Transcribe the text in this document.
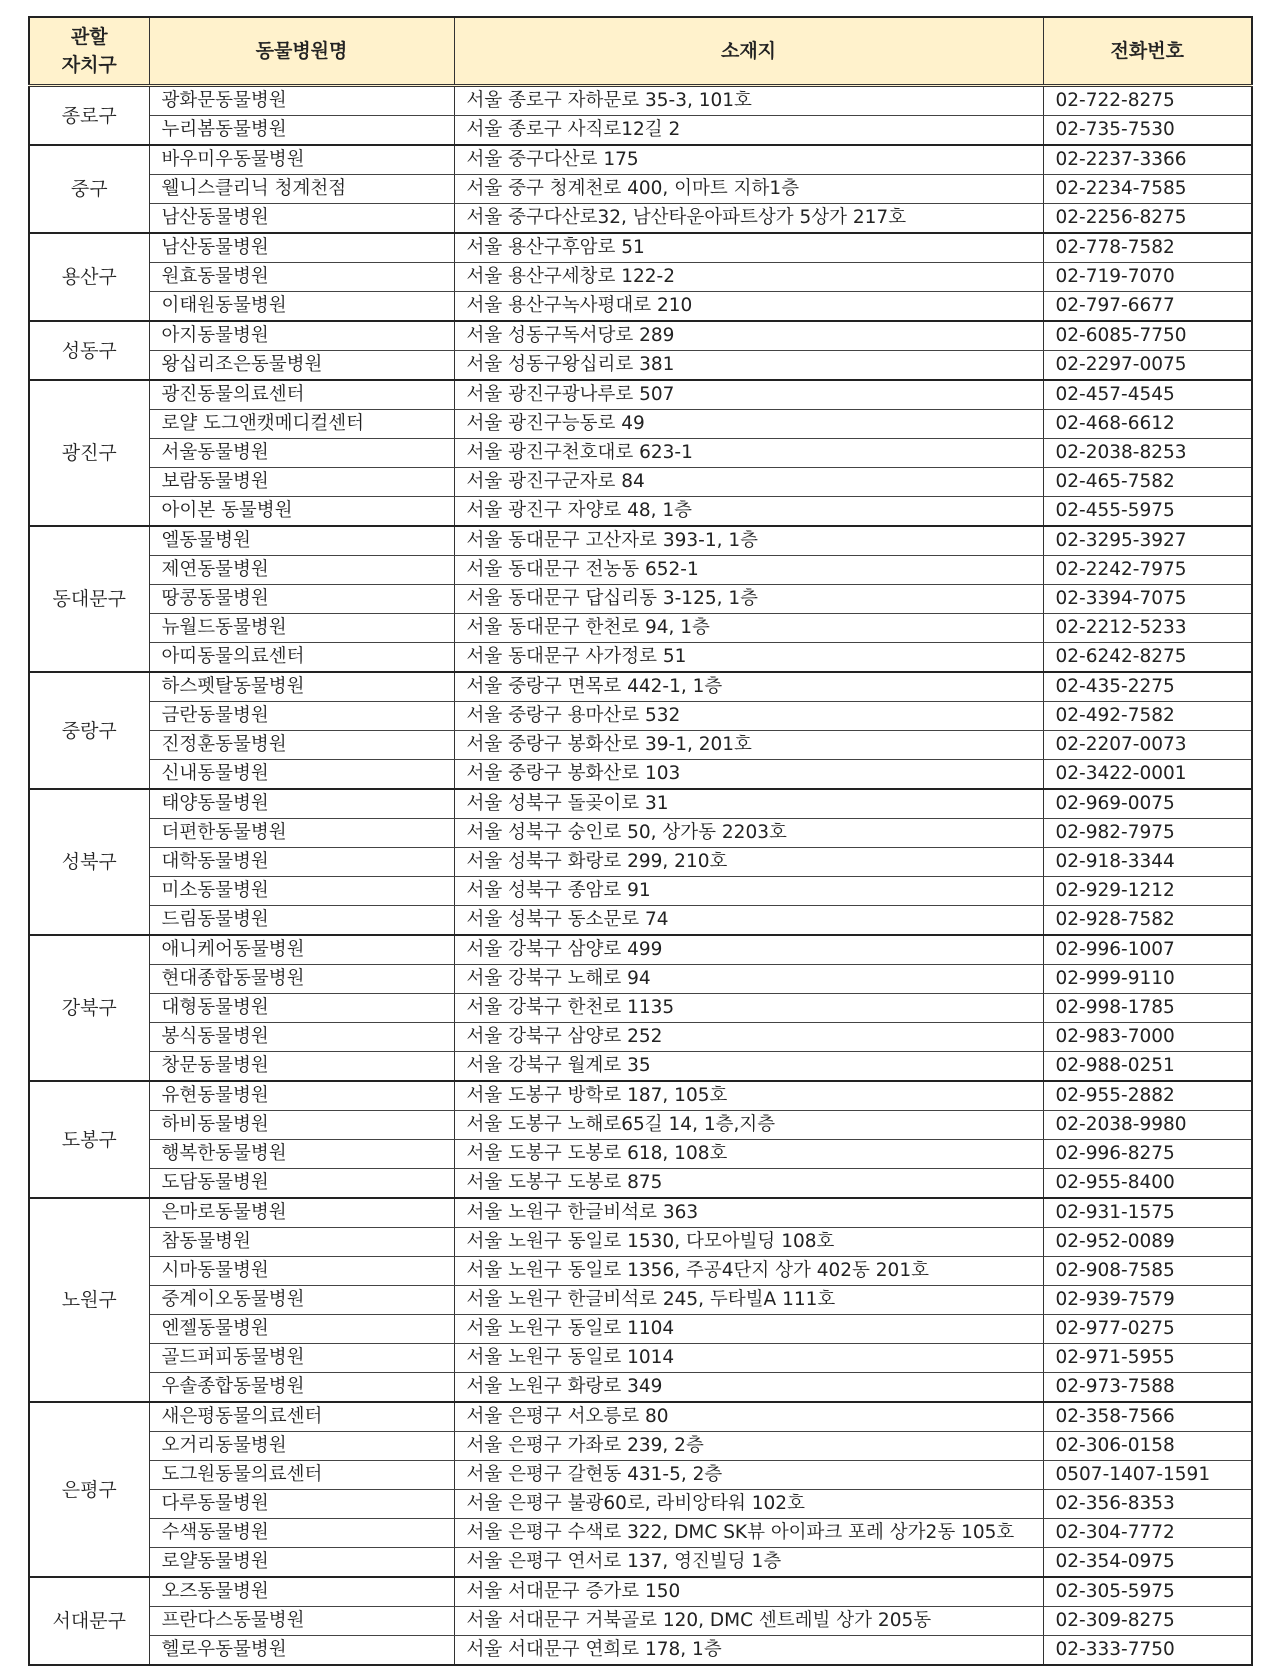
관할
자치구	동물병원명	소재지	전화번호
종로구	광화문동물병원	서울 종로구 자하문로 35-3, 101호	02-722-8275
	누리봄동물병원	서울 종로구 사직로12길 2	02-735-7530
중구	바우미우동물병원	서울 중구다산로 175	02-2237-3366
	웰니스클리닉 청계천점	서울 중구 청계천로 400, 이마트 지하1층	02-2234-7585
	남산동물병원	서울 중구다산로32, 남산타운아파트상가 5상가 217호	02-2256-8275
용산구	남산동물병원	서울 용산구후암로 51	02-778-7582
	원효동물병원	서울 용산구세창로 122-2	02-719-7070
	이태원동물병원	서울 용산구녹사평대로 210	02-797-6677
성동구	아지동물병원	서울 성동구독서당로 289	02-6085-7750
	왕십리조은동물병원	서울 성동구왕십리로 381	02-2297-0075
광진구	광진동물의료센터	서울 광진구광나루로 507	02-457-4545
	로얄 도그앤캣메디컬센터	서울 광진구능동로 49	02-468-6612
	서울동물병원	서울 광진구천호대로 623-1	02-2038-8253
	보람동물병원	서울 광진구군자로 84	02-465-7582
	아이본 동물병원	서울 광진구 자양로 48, 1층	02-455-5975
동대문구	엘동물병원	서울 동대문구 고산자로 393-1, 1층	02-3295-3927
	제연동물병원	서울 동대문구 전농동 652-1	02-2242-7975
	땅콩동물병원	서울 동대문구 답십리동 3-125, 1층	02-3394-7075
	뉴월드동물병원	서울 동대문구 한천로 94, 1층	02-2212-5233
	아띠동물의료센터	서울 동대문구 사가정로 51	02-6242-8275
중랑구	하스펫탈동물병원	서울 중랑구 면목로 442-1, 1층	02-435-2275
	금란동물병원	서울 중랑구 용마산로 532	02-492-7582
	진정훈동물병원	서울 중랑구 봉화산로 39-1, 201호	02-2207-0073
	신내동물병원	서울 중랑구 봉화산로 103	02-3422-0001
성북구	태양동물병원	서울 성북구 돌곶이로 31	02-969-0075
	더편한동물병원	서울 성북구 숭인로 50, 상가동 2203호	02-982-7975
	대학동물병원	서울 성북구 화랑로 299, 210호	02-918-3344
	미소동물병원	서울 성북구 종암로 91	02-929-1212
	드림동물병원	서울 성북구 동소문로 74	02-928-7582
강북구	애니케어동물병원	서울 강북구 삼양로 499	02-996-1007
	현대종합동물병원	서울 강북구 노해로 94	02-999-9110
	대형동물병원	서울 강북구 한천로 1135	02-998-1785
	봉식동물병원	서울 강북구 삼양로 252	02-983-7000
	창문동물병원	서울 강북구 월계로 35	02-988-0251
도봉구	유현동물병원	서울 도봉구 방학로 187, 105호	02-955-2882
	하비동물병원	서울 도봉구 노해로65길 14, 1층,지층	02-2038-9980
	행복한동물병원	서울 도봉구 도봉로 618, 108호	02-996-8275
	도담동물병원	서울 도봉구 도봉로 875	02-955-8400
노원구	은마로동물병원	서울 노원구 한글비석로 363	02-931-1575
	참동물병원	서울 노원구 동일로 1530, 다모아빌딩 108호	02-952-0089
	시마동물병원	서울 노원구 동일로 1356, 주공4단지 상가 402동 201호	02-908-7585
	중계이오동물병원	서울 노원구 한글비석로 245, 두타빌A 111호	02-939-7579
	엔젤동물병원	서울 노원구 동일로 1104	02-977-0275
	골드퍼피동물병원	서울 노원구 동일로 1014	02-971-5955
	우솔종합동물병원	서울 노원구 화랑로 349	02-973-7588
은평구	새은평동물의료센터	서울 은평구 서오릉로 80	02-358-7566
	오거리동물병원	서울 은평구 가좌로 239, 2층	02-306-0158
	도그원동물의료센터	서울 은평구 갈현동 431-5, 2층	0507-1407-1591
	다루동물병원	서울 은평구 불광60로, 라비앙타워 102호	02-356-8353
	수색동물병원	서울 은평구 수색로 322, DMC SK뷰 아이파크 포레 상가2동 105호	02-304-7772
	로얄동물병원	서울 은평구 연서로 137, 영진빌딩 1층	02-354-0975
서대문구	오즈동물병원	서울 서대문구 증가로 150	02-305-5975
	프란다스동물병원	서울 서대문구 거북골로 120, DMC 센트레빌 상가 205동	02-309-8275
	헬로우동물병원	서울 서대문구 연희로 178, 1층	02-333-7750
